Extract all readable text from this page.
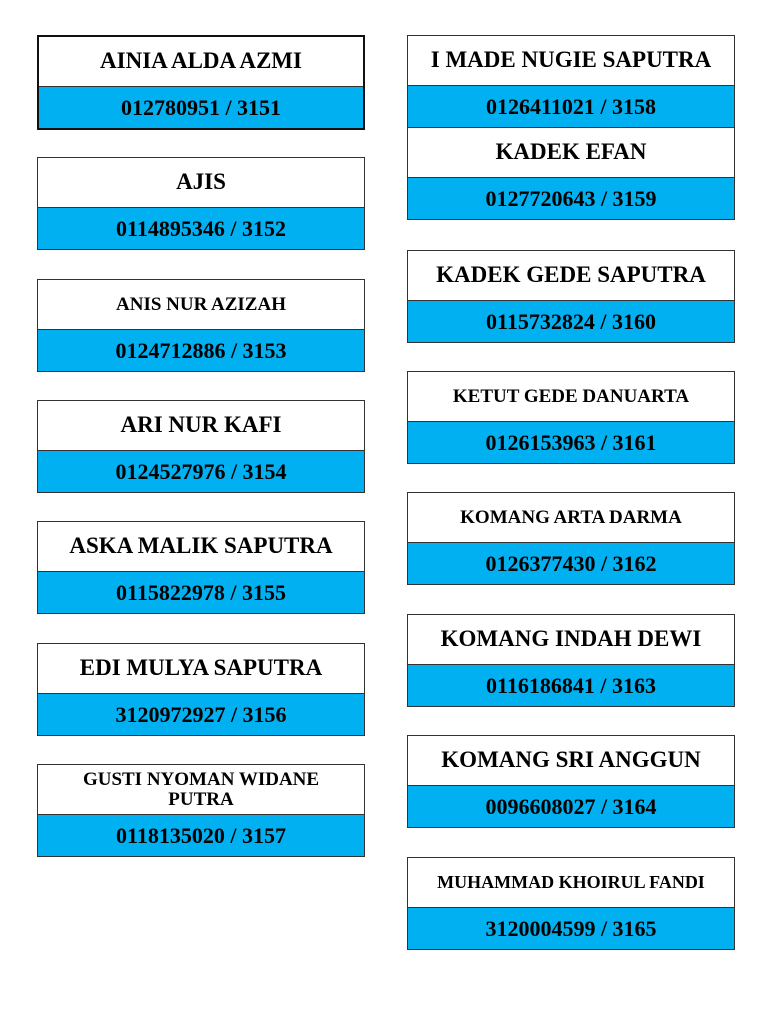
AINIA ALDA AZMI
012780951 / 3151
AJIS
0114895346 / 3152
ANIS NUR AZIZAH
0124712886 / 3153
ARI NUR KAFI
0124527976 / 3154
ASKA MALIK SAPUTRA
0115822978 / 3155
EDI MULYA SAPUTRA
3120972927 / 3156
GUSTI NYOMAN WIDANE PUTRA
0118135020 / 3157
I MADE NUGIE SAPUTRA
0126411021 / 3158
KADEK EFAN
0127720643 / 3159
KADEK GEDE SAPUTRA
0115732824 / 3160
KETUT GEDE DANUARTA
0126153963 / 3161
KOMANG ARTA DARMA
0126377430 / 3162
KOMANG INDAH DEWI
0116186841 / 3163
KOMANG SRI ANGGUN
0096608027 / 3164
MUHAMMAD KHOIRUL FANDI
3120004599 / 3165
